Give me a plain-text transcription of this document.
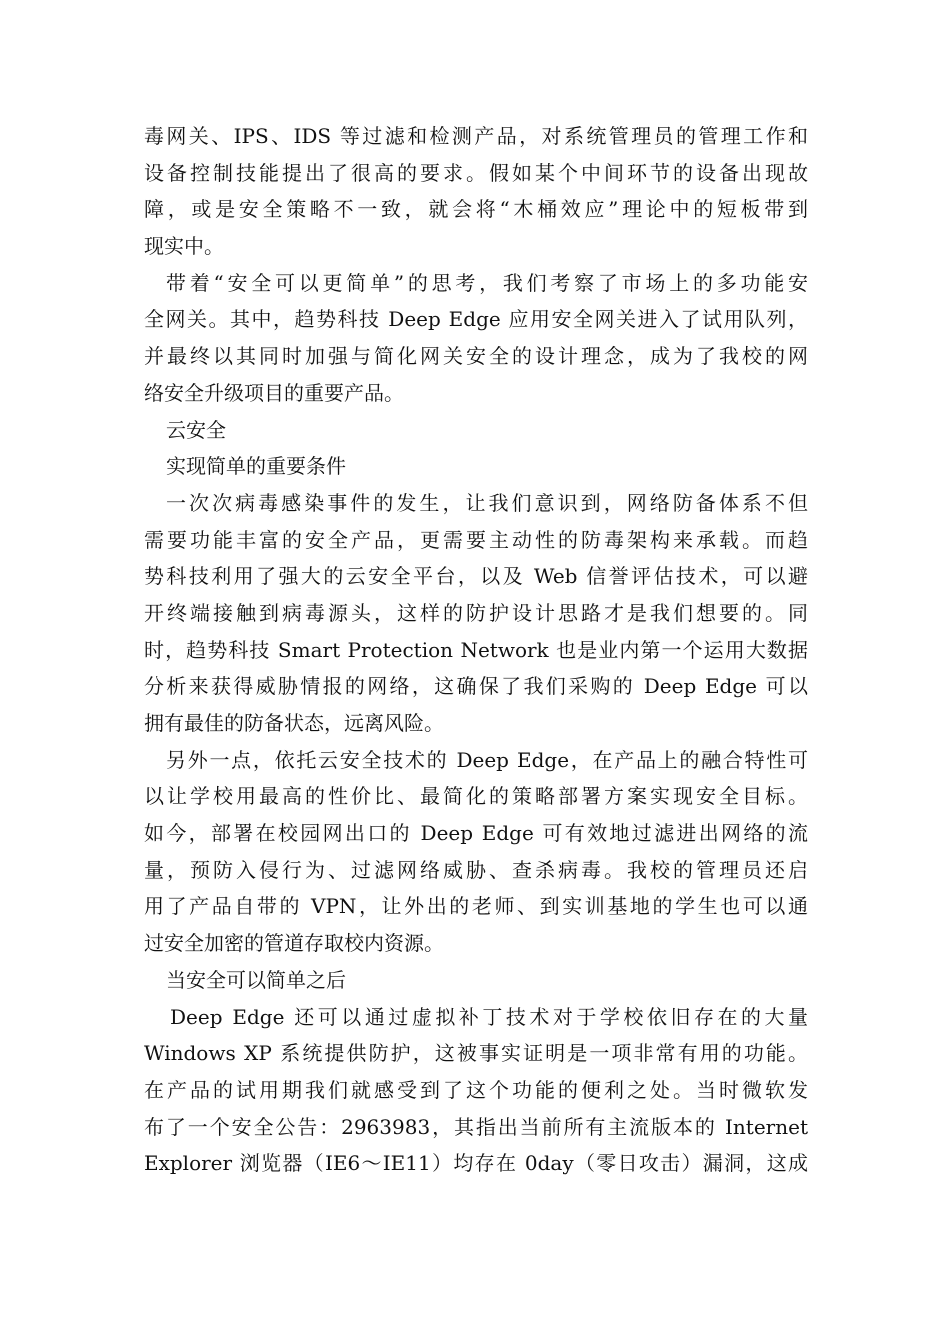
毒网关、IPS、IDS 等过滤和检测产品，对系统管理员的管理工作和
设备控制技能提出了很高的要求。假如某个中间环节的设备出现故
障，或是安全策略不一致，就会将“木桶效应”理论中的短板带到
现实中。
带着“安全可以更简单”的思考，我们考察了市场上的多功能安
全网关。其中，趋势科技 Deep Edge 应用安全网关进入了试用队列，
并最终以其同时加强与简化网关安全的设计理念，成为了我校的网
络安全升级项目的重要产品。
云安全
实现简单的重要条件
一次次病毒感染事件的发生，让我们意识到，网络防备体系不但
需要功能丰富的安全产品，更需要主动性的防毒架构来承载。而趋
势科技利用了强大的云安全平台，以及 Web 信誉评估技术，可以避
开终端接触到病毒源头，这样的防护设计思路才是我们想要的。同
时，趋势科技 Smart Protection Network 也是业内第一个运用大数据
分析来获得威胁情报的网络，这确保了我们采购的 Deep Edge 可以
拥有最佳的防备状态，远离风险。
另外一点，依托云安全技术的 Deep Edge，在产品上的融合特性可
以让学校用最高的性价比、最简化的策略部署方案实现安全目标。
如今，部署在校园网出口的 Deep Edge 可有效地过滤进出网络的流
量，预防入侵行为、过滤网络威胁、查杀病毒。我校的管理员还启
用了产品自带的 VPN，让外出的老师、到实训基地的学生也可以通
过安全加密的管道存取校内资源。
当安全可以简单之后
Deep Edge 还可以通过虚拟补丁技术对于学校依旧存在的大量
Windows XP 系统提供防护，这被事实证明是一项非常有用的功能。
在产品的试用期我们就感受到了这个功能的便利之处。当时微软发
布了一个安全公告：2963983，其指出当前所有主流版本的 Internet
Explorer 浏览器（IE6～IE11）均存在 0day（零日攻击）漏洞，这成
